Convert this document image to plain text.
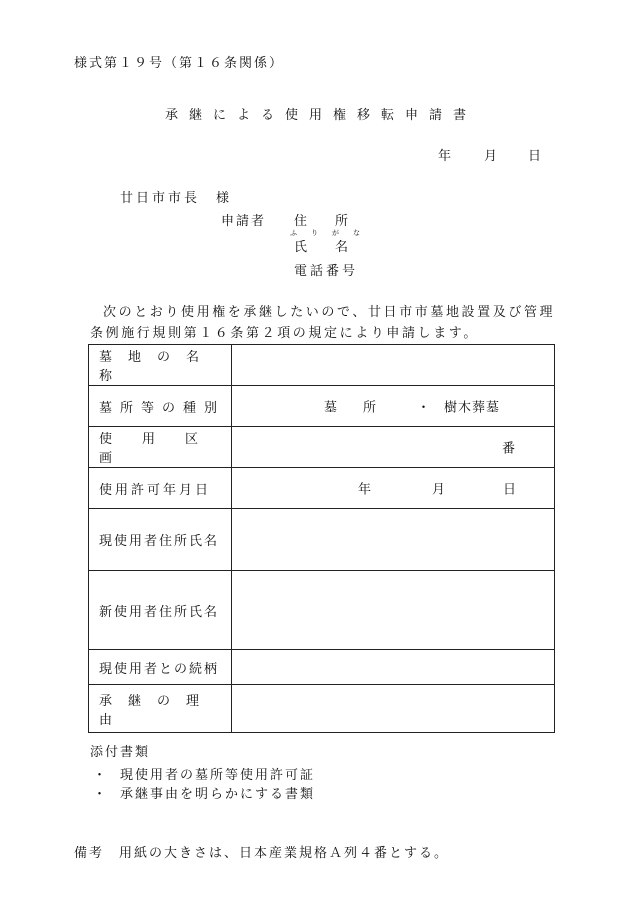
様式第１９号（第１６条関係）
承継による使用権移転申請書
年	月 日
廿日市市長　様
申請者 住所
ふりがな
氏名
電話番号
次のとおり使用権を承継したいので、廿日市市墓地設置及び管理条例施行規則第１６条第２項の規定により申請します。
墓地の名称	
墓所等の種別	墓　　所 ・ 樹木葬墓

使用区画	番

使用許可年月日	年 月 日

現使用者住所氏名	
新使用者住所氏名	
現使用者との続柄	
承継の理由	
添付書類
・ 現使用者の墓所等使用許可証
・ 承継事由を明らかにする書類
備考　用紙の大きさは、日本産業規格Ａ列４番とする。
